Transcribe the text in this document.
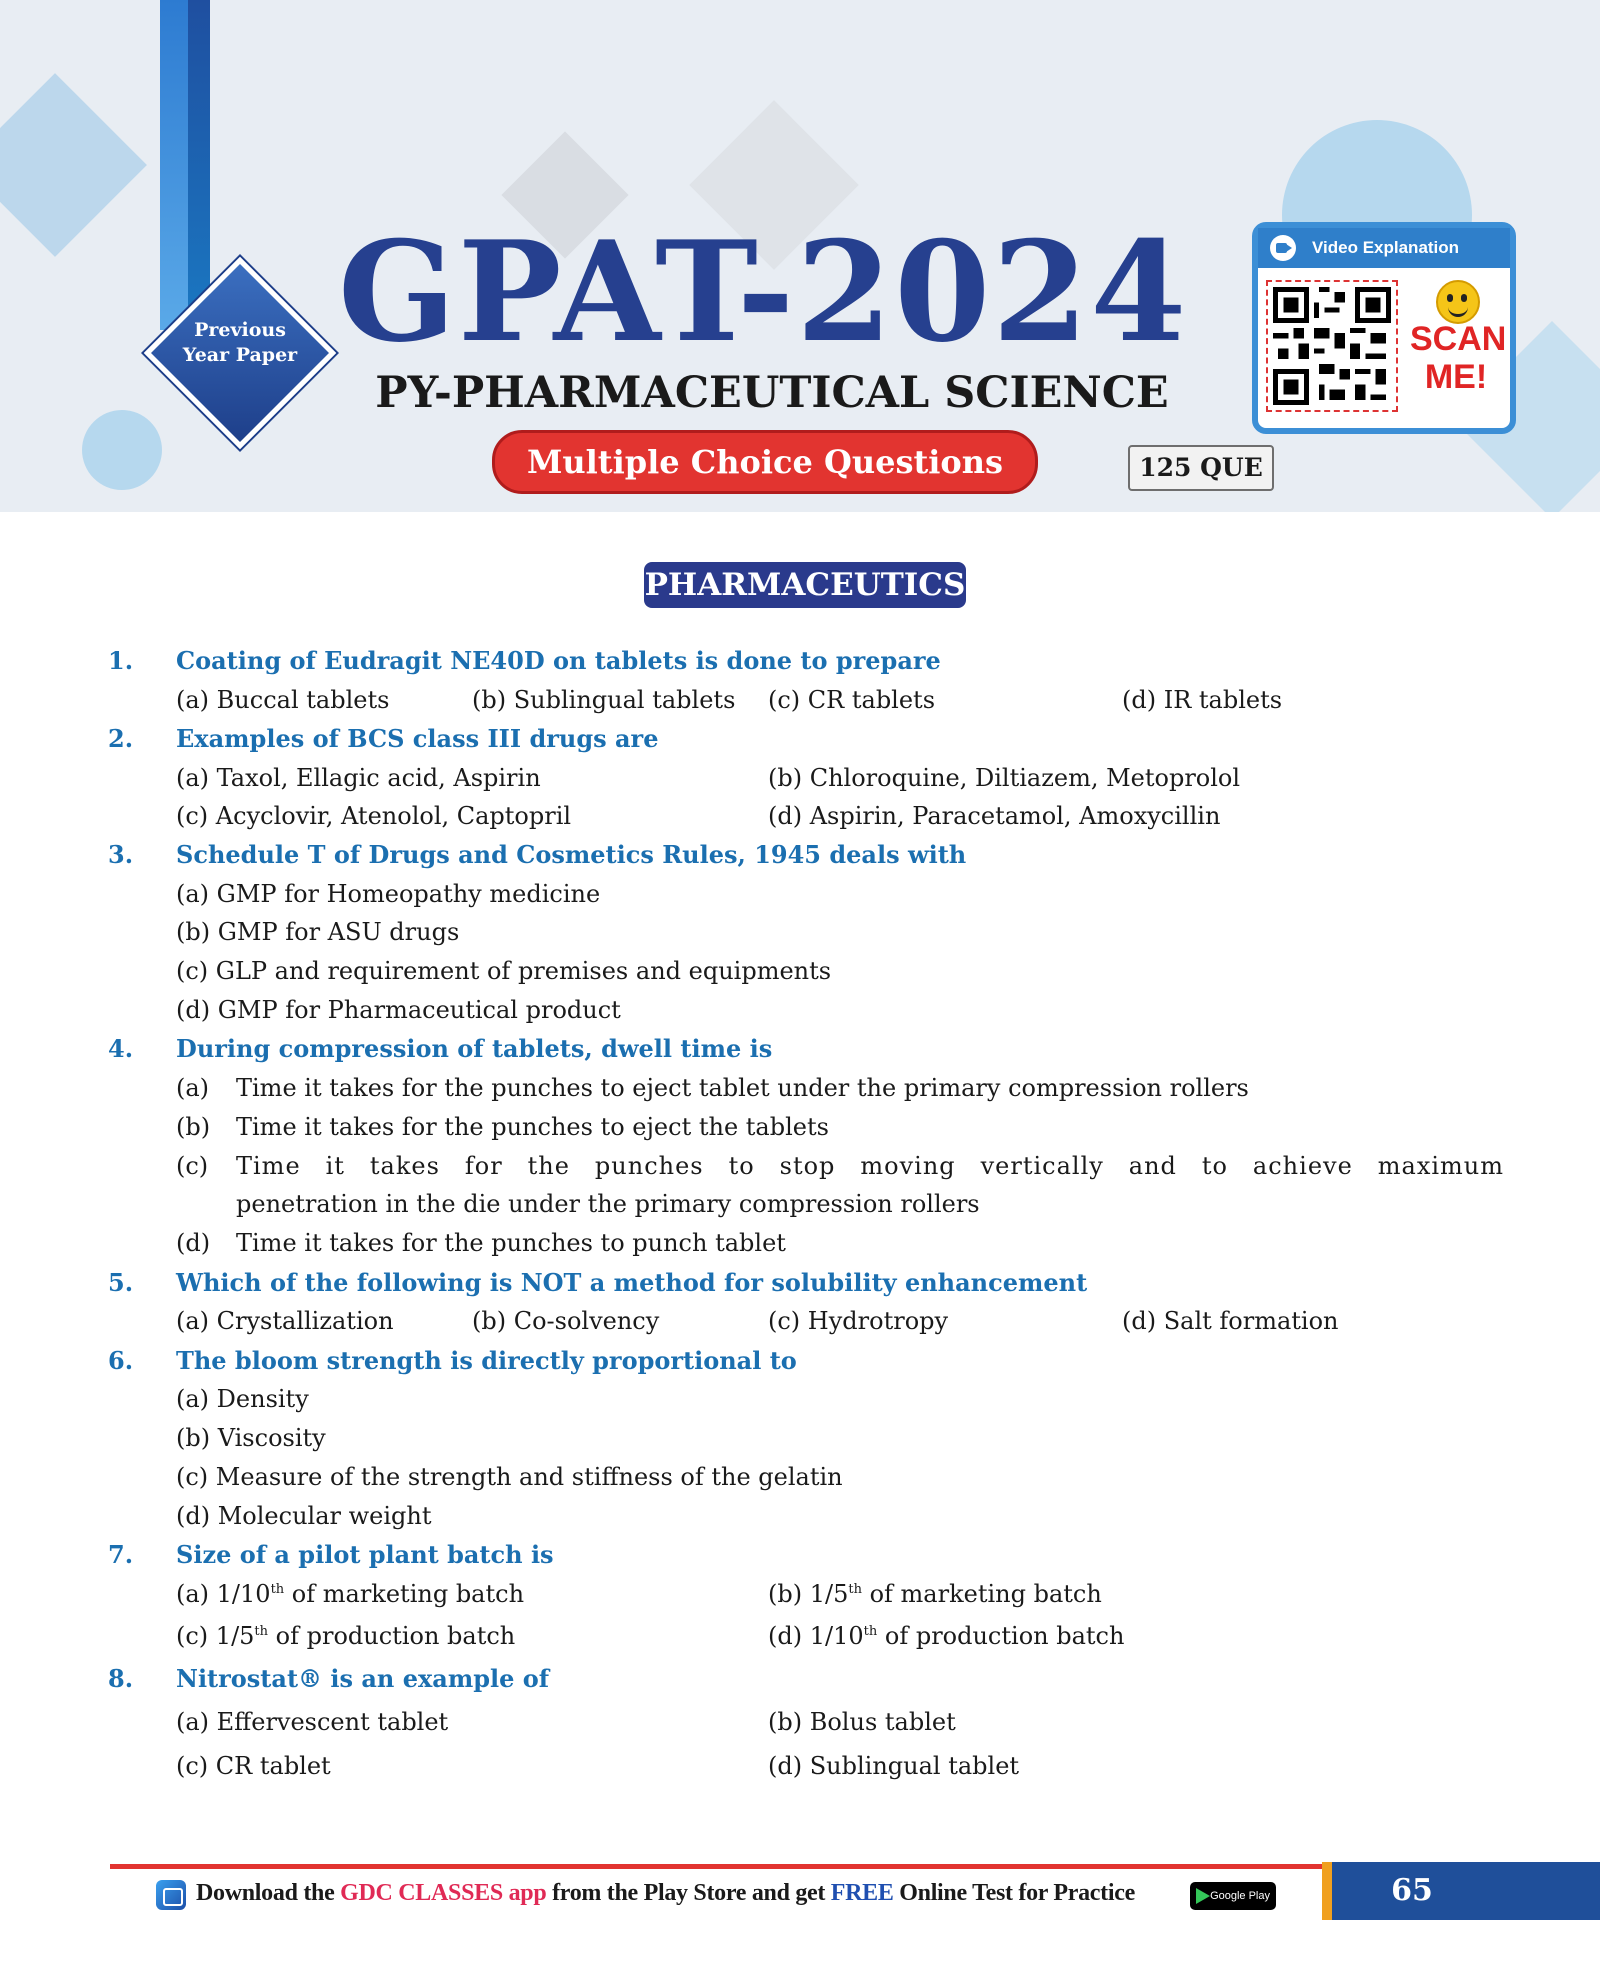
Previous
Year Paper GPAT-2024
PY-PHARMACEUTICAL SCIENCE
Multiple Choice Questions	125 QUE
Video Explanation
SCAN
ME!
PHARMACEUTICS
1. Coating of Eudragit NE40D on tablets is done to prepare
(a) Buccal tablets	(b) Sublingual tablets (c) CR tablets	(d) IR tablets
2. Examples of BCS class III drugs are
(a) Taxol, Ellagic acid, Aspirin	(b) Chloroquine, Diltiazem, Metoprolol
(c) Acyclovir, Atenolol, Captopril	(d) Aspirin, Paracetamol, Amoxycillin
3. Schedule T of Drugs and Cosmetics Rules, 1945 deals with
(a) GMP for Homeopathy medicine
(b) GMP for ASU drugs
(c) GLP and requirement of premises and equipments
(d) GMP for Pharmaceutical product
4. During compression of tablets, dwell time is
(a) Time it takes for the punches to eject tablet under the primary compression rollers
(b) Time it takes for the punches to eject the tablets
(c) Time it takes for the punches to stop moving vertically and to achieve maximum
penetration in the die under the primary compression rollers
(d) Time it takes for the punches to punch tablet
5. Which of the following is NOT a method for solubility enhancement
(a) Crystallization	(b) Co-solvency	(c) Hydrotropy	(d) Salt formation
6. The bloom strength is directly proportional to
(a) Density
(b) Viscosity
(c) Measure of the strength and stiffness of the gelatin
(d) Molecular weight
7. Size of a pilot plant batch is
(a) 1/10th of marketing batch	(b) 1/5th of marketing batch
(c) 1/5th of production batch	(d) 1/10th of production batch
8. Nitrostat® is an example of
(a) Effervescent tablet	(b) Bolus tablet
(c) CR tablet	(d) Sublingual tablet
65
Download the GDC CLASSES app from the Play Store and get FREE Online Test for Practice	Google Play
